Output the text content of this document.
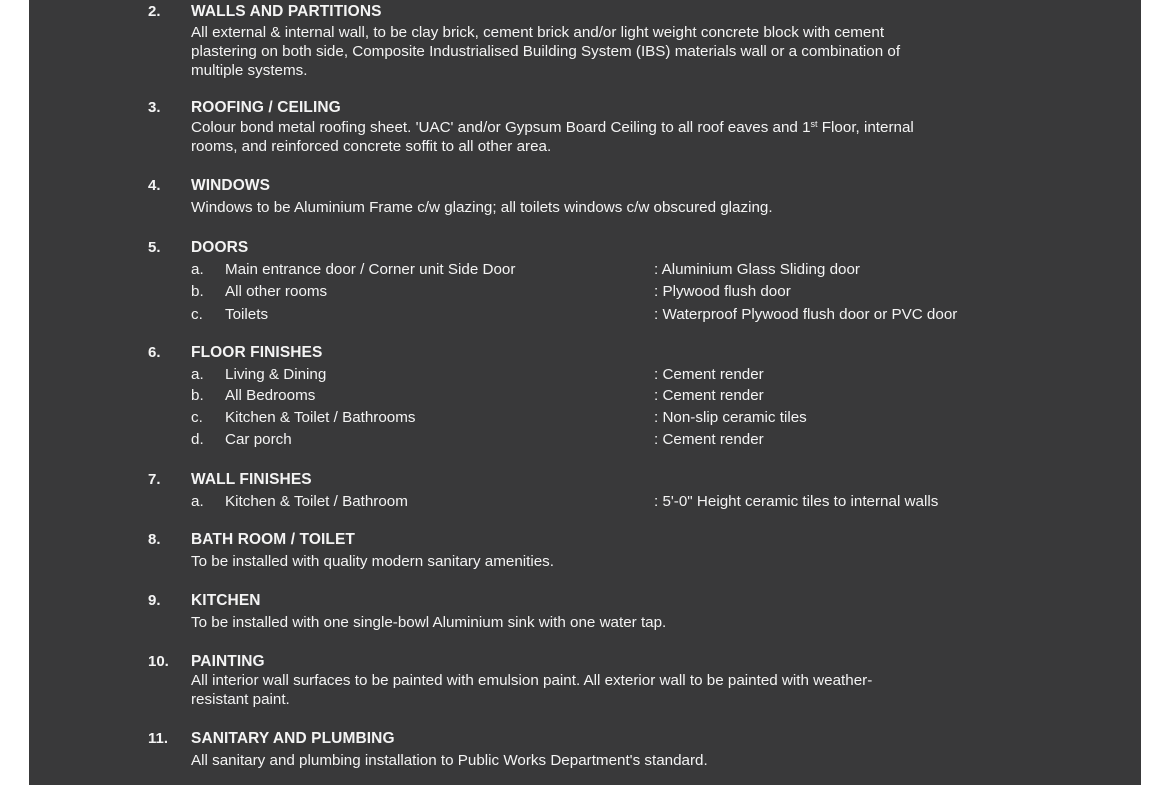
2. WALLS AND PARTITIONS
All external & internal wall, to be clay brick, cement brick and/or light weight concrete block with cement
plastering on both side, Composite Industrialised Building System (IBS) materials wall or a combination of
multiple systems.
3. ROOFING / CEILING
Colour bond metal roofing sheet. 'UAC' and/or Gypsum Board Ceiling to all roof eaves and 1st Floor, internal
rooms, and reinforced concrete soffit to all other area.
4. WINDOWS
Windows to be Aluminium Frame c/w glazing; all toilets windows c/w obscured glazing.
5. DOORS
a. Main entrance door / Corner unit Side Door	: Aluminium Glass Sliding door
b. All other rooms	: Plywood flush door
c. Toilets	: Waterproof Plywood flush door or PVC door
6. FLOOR FINISHES
a. Living & Dining	: Cement render
b. All Bedrooms	: Cement render
c. Kitchen & Toilet / Bathrooms	: Non-slip ceramic tiles
d. Car porch	: Cement render
7. WALL FINISHES
a. Kitchen & Toilet / Bathroom	: 5'-0" Height ceramic tiles to internal walls
8. BATH ROOM / TOILET
To be installed with quality modern sanitary amenities.
9. KITCHEN
To be installed with one single-bowl Aluminium sink with one water tap.
10. PAINTING
All interior wall surfaces to be painted with emulsion paint. All exterior wall to be painted with weather-
resistant paint.
11. SANITARY AND PLUMBING
All sanitary and plumbing installation to Public Works Department's standard.
